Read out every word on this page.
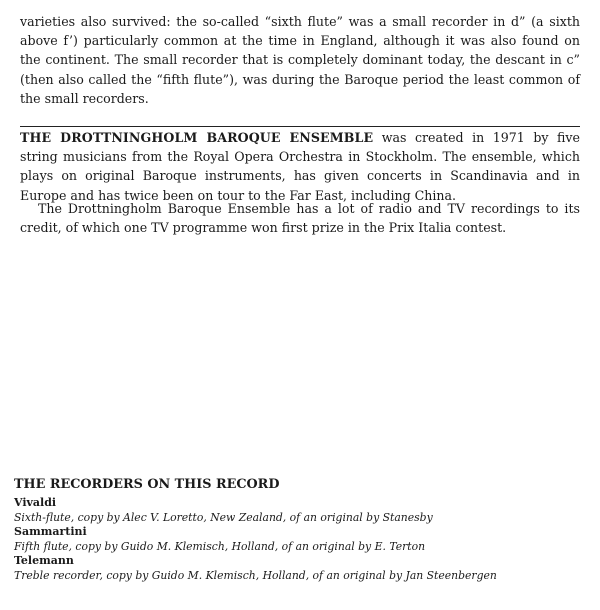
varieties also survived: the so-called “sixth flute” was a small recorder in d” (a sixth above f’) particularly common at the time in England, although it was also found on the continent. The small recorder that is completely dominant today, the descant in c” (then also called the “fifth flute”), was during the Baroque period the least common of the small recorders.

THE DROTTNINGHOLM BAROQUE ENSEMBLE was created in 1971 by five string musicians from the Royal Opera Orchestra in Stockholm. The ensemble, which plays on original Baroque instruments, has given concerts in Scandinavia and in Europe and has twice been on tour to the Far East, including China.

The Drottningholm Baroque Ensemble has a lot of radio and TV recordings to its credit, of which one TV programme won first prize in the Prix Italia contest.

THE RECORDERS ON THIS RECORD
Vivaldi
Sixth-flute, copy by Alec V. Loretto, New Zealand, of an original by Stanesby
Sammartini
Fifth flute, copy by Guido M. Klemisch, Holland, of an original by E. Terton
Telemann
Treble recorder, copy by Guido M. Klemisch, Holland, of an original by Jan Steenbergen
